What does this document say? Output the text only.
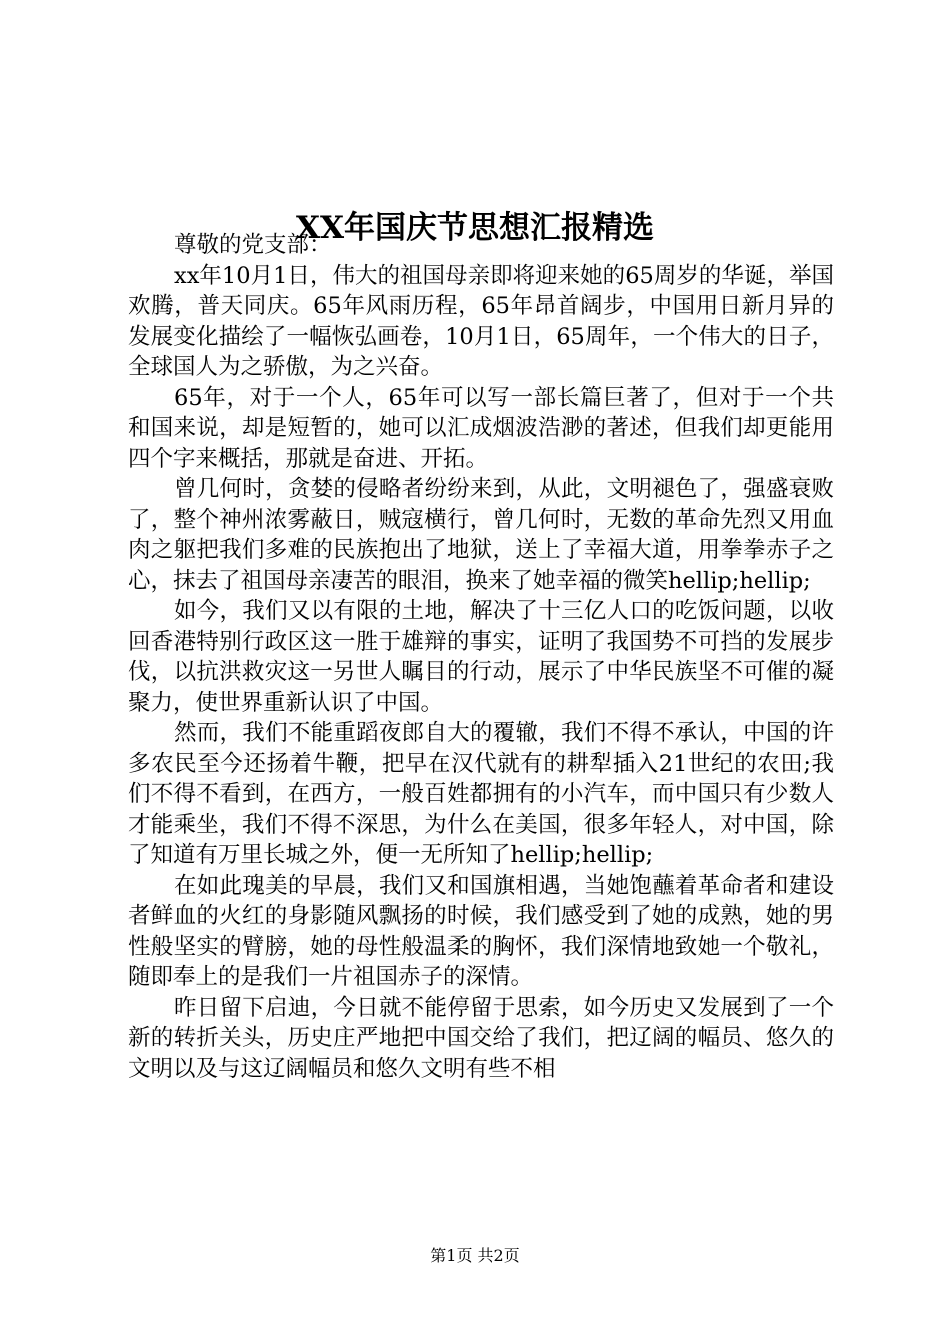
XX年国庆节思想汇报精选

尊敬的党支部：

xx年10月1日，伟大的祖国母亲即将迎来她的65周岁的华诞，举国欢腾，普天同庆。65年风雨历程，65年昂首阔步，中国用日新月异的发展变化描绘了一幅恢弘画卷，10月1日，65周年，一个伟大的日子，全球国人为之骄傲，为之兴奋。

65年，对于一个人，65年可以写一部长篇巨著了，但对于一个共和国来说，却是短暂的，她可以汇成烟波浩渺的著述，但我们却更能用四个字来概括，那就是奋进、开拓。

曾几何时，贪婪的侵略者纷纷来到，从此，文明褪色了，强盛衰败了，整个神州浓雾蔽日，贼寇横行，曾几何时，无数的革命先烈又用血肉之躯把我们多难的民族抱出了地狱，送上了幸福大道，用拳拳赤子之心，抹去了祖国母亲凄苦的眼泪，换来了她幸福的微笑hellip;hellip;

如今，我们又以有限的土地，解决了十三亿人口的吃饭问题，以收回香港特别行政区这一胜于雄辩的事实，证明了我国势不可挡的发展步伐，以抗洪救灾这一另世人瞩目的行动，展示了中华民族坚不可催的凝聚力，使世界重新认识了中国。

然而，我们不能重蹈夜郎自大的覆辙，我们不得不承认，中国的许多农民至今还扬着牛鞭，把早在汉代就有的耕犁插入21世纪的农田;我们不得不看到，在西方，一般百姓都拥有的小汽车，而中国只有少数人才能乘坐，我们不得不深思，为什么在美国，很多年轻人，对中国，除了知道有万里长城之外，便一无所知了hellip;hellip;

在如此瑰美的早晨，我们又和国旗相遇，当她饱蘸着革命者和建设者鲜血的火红的身影随风飘扬的时候，我们感受到了她的成熟，她的男性般坚实的臂膀，她的母性般温柔的胸怀，我们深情地致她一个敬礼，随即奉上的是我们一片祖国赤子的深情。

昨日留下启迪，今日就不能停留于思索，如今历史又发展到了一个新的转折关头，历史庄严地把中国交给了我们，把辽阔的幅员、悠久的文明以及与这辽阔幅员和悠久文明有些不相

第1页 共2页
